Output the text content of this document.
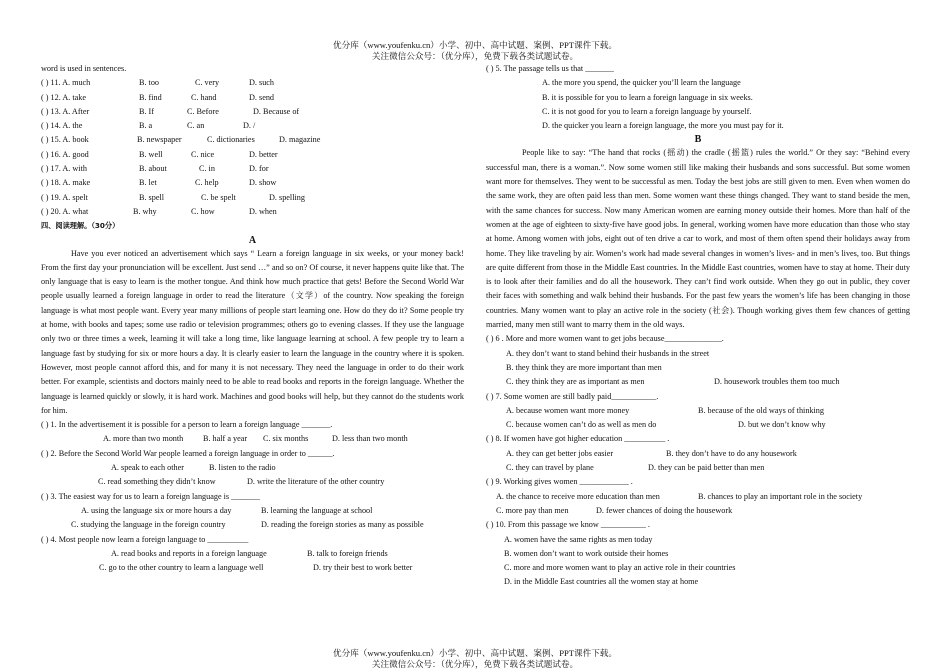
优分库（www.youfenku.cn）小学、初中、高中试题、案例、PPT课件下载。
关注微信公众号：（优分库），免费下载各类试题试卷。
word is used in sentences.
( ) 11. A. much	B. too	C. very	D. such
( ) 12. A. take	B. find	C. hand	D. send
( ) 13. A. After	B. If	C. Before	D. Because of
( ) 14. A. the	B. a	C. an	D. /
( ) 15. A. book	B. newspaper	C. dictionaries	D. magazine
( ) 16. A. good	B. well	C. nice	D. better
( ) 17. A. with	B. about	C. in	D. for
( ) 18. A. make	B. let	C. help	D. show
( ) 19. A. spelt	B. spell	C. be spelt	D. spelling
( ) 20. A. what	B. why	C. how	D. when
四、阅读理解。（30分）
A

Have you ever noticed an advertisement which says “ Learn a foreign language in six weeks, or your money back! From the first day your pronunciation will be excellent. Just send …” and so on? Of course, it never happens quite like that. The only language that is easy to learn is the mother tongue. And think how much practice that gets! Before the Second World War people usually learned a foreign language in order to read the literature（文学）of the country. Now speaking the foreign language is what most people want. Every year many millions of people start learning one. How do they do it? Some people try at home, with books and tapes; some use radio or television programmes; others go to evening classes. If they use the language only two or three times a week, learning it will take a long time, like language learning at school. A few people try to learn a language fast by studying for six or more hours a day. It is clearly easier to learn the language in the country where it is spoken. However, most people cannot afford this, and for many it is not necessary. They need the language in order to do their work better. For example, scientists and doctors mainly need to be able to read books and reports in the foreign language. Whether the language is learned quickly or slowly, it is hard work. Machines and good books will help, but they cannot do the students work for him.

( ) 1. In the advertisement it is possible for a person to learn a foreign language _______.
A. more than two month B. half a year C. six months	D. less than two month
( ) 2. Before the Second World War people learned a foreign language in order to ______.
A. speak to each other	B. listen to the radio
C. read something they didn’t know	D. write the literature of the other country
( ) 3. The easiest way for us to learn a foreign language is _______
A. using the language six or more hours a day	B. learning the language at school
C. studying the language in the foreign country	D. reading the foreign stories as many as possible
( ) 4. Most people now learn a foreign language to __________
A. read books and reports in a foreign language	B. talk to foreign friends
C. go to the other country to learn a language well	D. try their best to work better
( ) 5. The passage tells us that _______
A. the more you spend, the quicker you’ll learn the language
B. it is possible for you to learn a foreign language in six weeks.
C. it is not good for you to learn a foreign language by yourself.
D. the quicker you learn a foreign language, the more you must pay for it.
B

People like to say: “The hand that rocks (摇动) the cradle (摇篮) rules the world.” Or they say: “Behind every successful man, there is a woman.”. Now some women still like making their husbands and sons successful. But some women want more for themselves. They went to be successful as men. Today the best jobs are still given to men. Even when women do the same work, they are often paid less than men. Some women want these things changed. They want to stand beside the men, with the same chances for success. Now many American women are earning money outside their homes. More than half of the women at the age of eighteen to sixty-five have good jobs. In general, working women have more education than those who stay at home. Among women with jobs, eight out of ten drive a car to work, and most of them often spend their holidays away from home. They like traveling by air. Women’s work had made several changes in women’s lives- and in men’s lives, too. But things are quite different from those in the Middle East countries. In the Middle East countries, women have to stay at home. Their duty is to look after their families and do all the housework. They can’t find work outside. When they go out in public, they cover their faces with something and walk behind their husbands. For the past few years the women’s life has been changing in those countries. Many women want to play an active role in the society (社会). Though working gives them few chances of getting married, many men still want to marry them in the old ways.

( ) 6 . More and more women want to get jobs because______________.
A. they don’t want to stand behind their husbands in the street
B. they think they are more important than men
C. they think they are as important as men	D. housework troubles them too much
( ) 7. Some women are still badly paid___________.
A. because women want more money	B. because of the old ways of thinking
C. because women can’t do as well as men do	D. but we don’t know why
( ) 8. If women have got higher education __________ .
A. they can get better jobs easier	B. they don’t have to do any housework
C. they can travel by plane	D. they can be paid better than men
( ) 9. Working gives women ____________ .
A. the chance to receive more education than men	B. chances to play an important role in the society
C. more pay than men	D. fewer chances of doing the housework
( ) 10. From this passage we know ___________ .
A. women have the same rights as men today
B. women don’t want to work outside their homes
C. more and more women want to play an active role in their countries
D. in the Middle East countries all the women stay at home
优分库（www.youfenku.cn）小学、初中、高中试题、案例、PPT课件下载。
关注微信公众号：（优分库），免费下载各类试题试卷。
